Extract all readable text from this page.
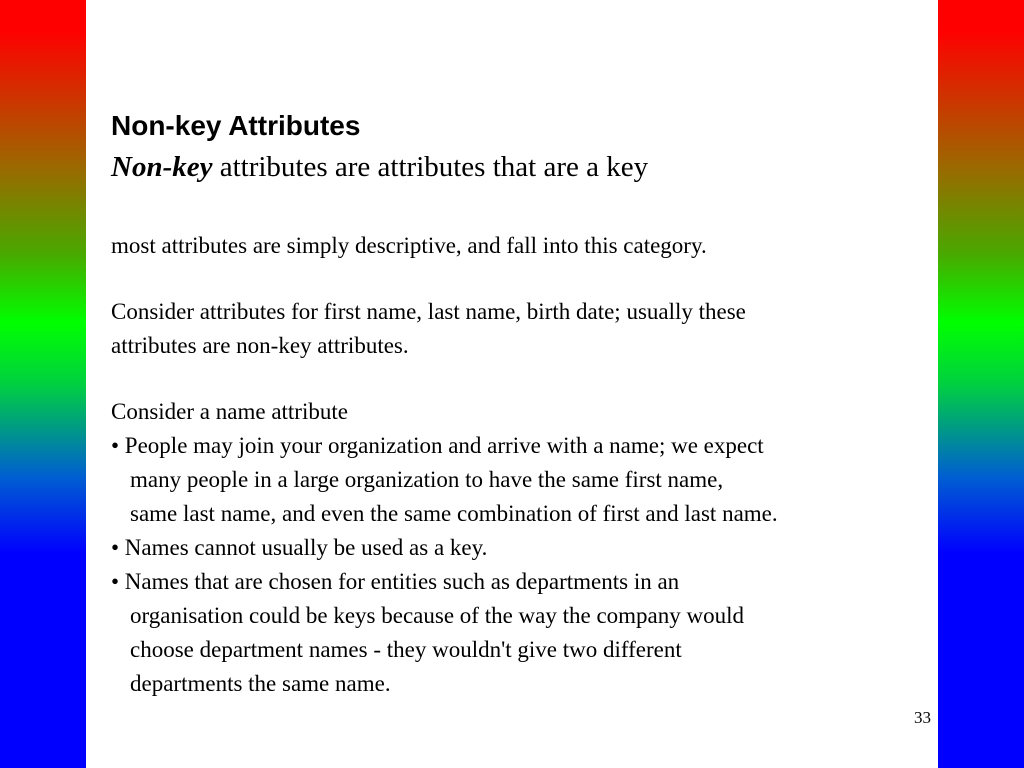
Non-key Attributes
Non-key attributes are attributes that are a key

most attributes are simply descriptive, and fall into this category.

Consider attributes for first name, last name, birth date; usually these

attributes are non-key attributes.

Consider a name attribute

• People may join your organization and arrive with a name; we expect

many people in a large organization to have the same first name,

same last name, and even the same combination of first and last name.

• Names cannot usually be used as a key.

• Names that are chosen for entities such as departments in an

organisation could be keys because of the way the company would

choose department names - they wouldn't give two different

departments the same name.

33
